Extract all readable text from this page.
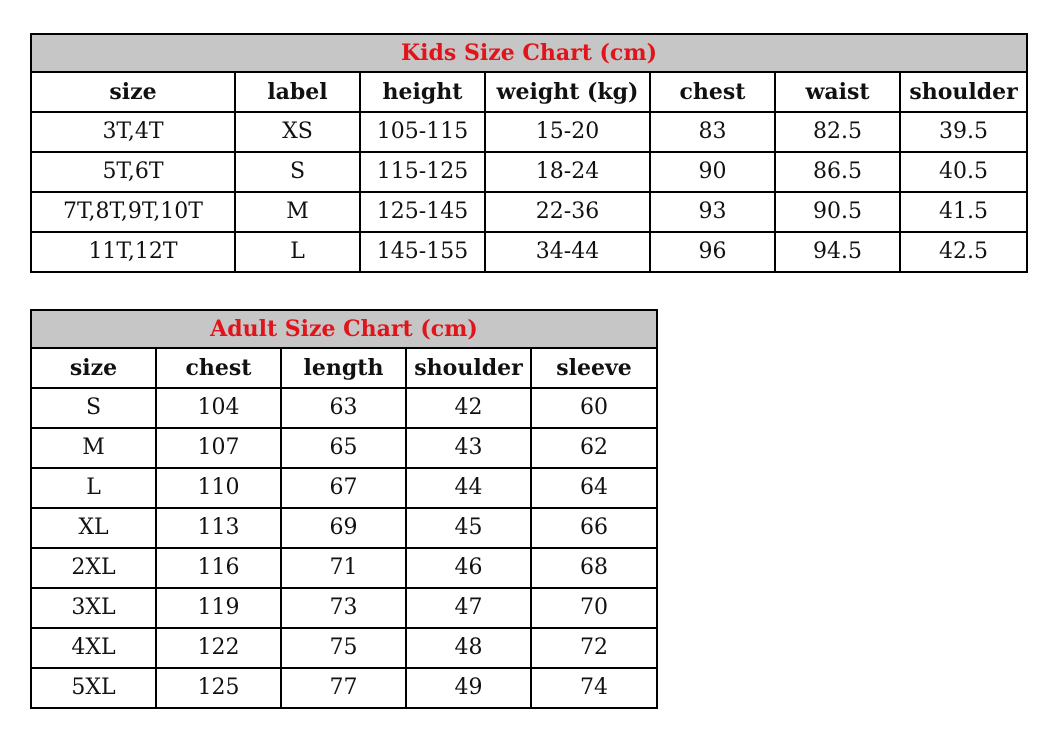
Kids Size Chart (cm)						
size	label	height	weight (kg)	chest	waist	shoulder
3T,4T	XS	105-115	15-20	83	82.5	39.5
5T,6T	S	115-125	18-24	90	86.5	40.5
7T,8T,9T,10T	M	125-145	22-36	93	90.5	41.5
11T,12T	L	145-155	34-44	96	94.5	42.5
Adult Size Chart (cm)				
size	chest	length	shoulder	sleeve
S	104	63	42	60
M	107	65	43	62
L	110	67	44	64
XL	113	69	45	66
2XL	116	71	46	68
3XL	119	73	47	70
4XL	122	75	48	72
5XL	125	77	49	74
